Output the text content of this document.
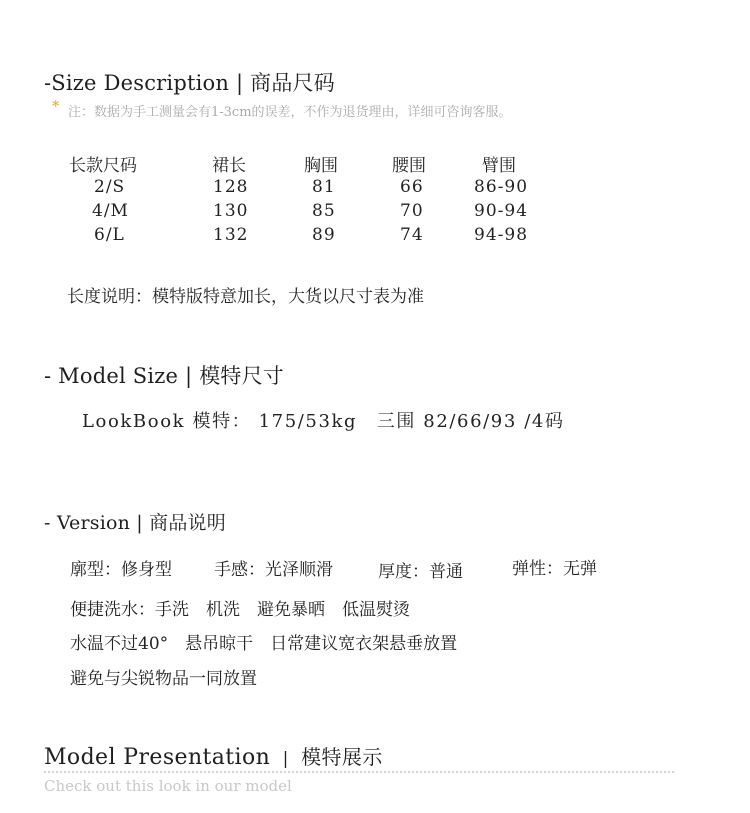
-Size Description | 商品尺码
* 注：数据为手工测量会有1-3cm的误差，不作为退货理由，详细可咨询客服。
长款尺码	裙长	胸围	腰围	臂围
2/S	128	81	66	86-90
4/M	130	85	70	90-94
6/L	132	89	74	94-98
长度说明：模特版特意加长，大货以尺寸表为准
- Model Size | 模特尺寸
LookBook 模特： 175/53kg　三围 82/66/93 /4码
- Version | 商品说明
廓型：修身型 手感：光泽顺滑	厚度：普通	弹性：无弹
便捷洗水：手洗　机洗　避免暴晒　低温熨烫
水温不过40°　悬吊晾干　日常建议宽衣架悬垂放置
避免与尖锐物品一同放置
Model Presentation | 模特展示
Check out this look in our model
